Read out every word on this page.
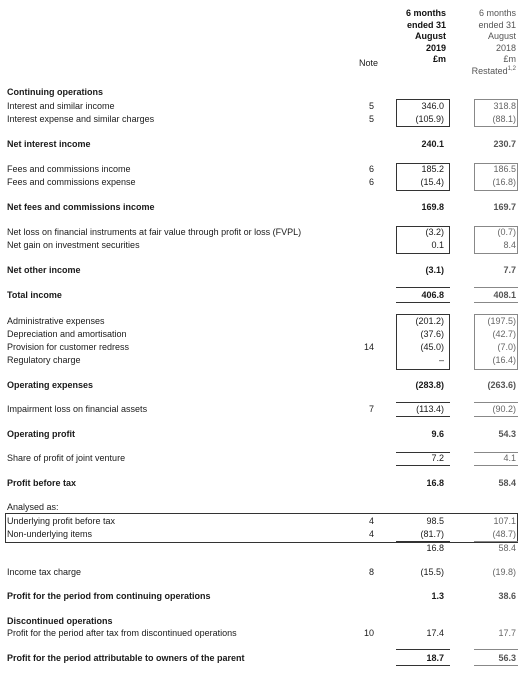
6 months
ended 31
August
2019
£m
6 months
ended 31
August
2018
£m
Restated$^{1,2}$
Note
Continuing operations
Interest and similar income	5	346.0	318.8
Interest expense and similar charges	5	(105.9)	(88.1)
Net interest income	240.1	230.7
Fees and commissions income	6	185.2	186.5
Fees and commissions expense	6	(15.4)	(16.8)
Net fees and commissions income	169.8	169.7
Net loss on financial instruments at fair value through profit or loss (FVPL)	(3.2)	(0.7)
Net gain on investment securities	0.1	8.4
Net other income	(3.1)	7.7
Total income	406.8	408.1
Administrative expenses	(201.2)	(197.5)
Depreciation and amortisation	(37.6)	(42.7)
Provision for customer redress	14	(45.0)	(7.0)
Regulatory charge	–	(16.4)
Operating expenses	(283.8)	(263.6)
Impairment loss on financial assets	7	(113.4)	(90.2)
Operating profit	9.6	54.3
Share of profit of joint venture	7.2	4.1
Profit before tax	16.8	58.4
Analysed as:
Underlying profit before tax	4	98.5	107.1
Non-underlying items	4	(81.7)	(48.7)
16.8	58.4
Income tax charge	8	(15.5)	(19.8)
Profit for the period from continuing operations	1.3	38.6
Discontinued operations
Profit for the period after tax from discontinued operations	10	17.4	17.7
Profit for the period attributable to owners of the parent	18.7	56.3
